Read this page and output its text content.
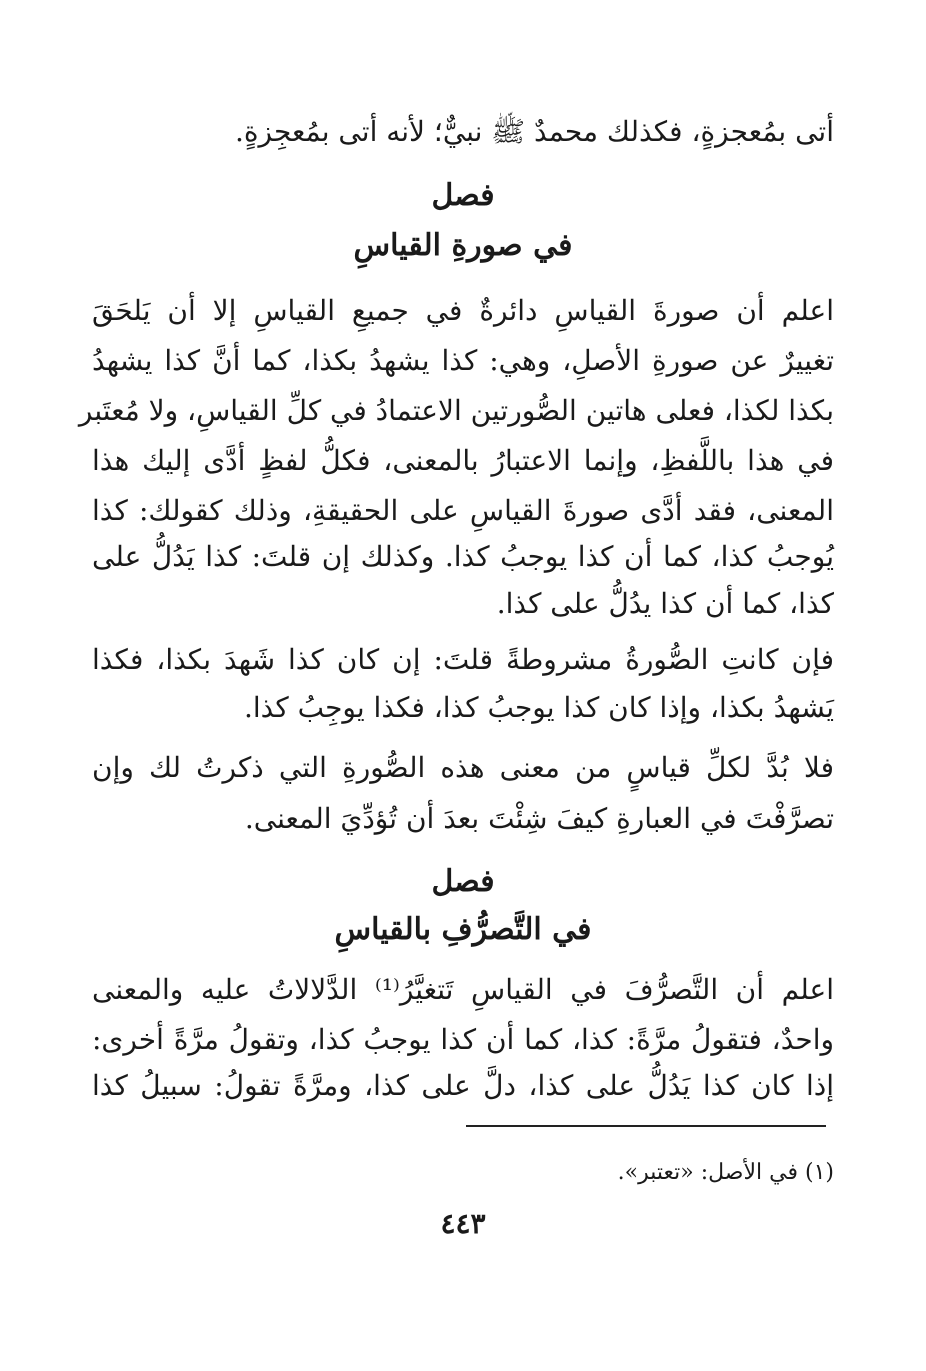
أتى بمُعجزةٍ، فكذلك محمدٌ ﷺ نبيٌّ؛ لأنه أتى بمُعجِزةٍ.
فصل
في صورةِ القياسِ
اعلم أن صورةَ القياسِ دائرةٌ في جميعِ القياسِ إلا أن يَلحَقَ
تغييرٌ عن صورةِ الأصلِ، وهي: كذا يشهدُ بكذا، كما أنَّ كذا يشهدُ
بكذا لكذا، فعلى هاتين الصُّورتين الاعتمادُ في كلِّ القياسِ، ولا مُعتَبر
في هذا باللَّفظِ، وإنما الاعتبارُ بالمعنى، فكلُّ لفظٍ أدَّى إليك هذا
المعنى، فقد أدَّى صورةَ القياسِ على الحقيقةِ، وذلك كقولك: كذا
يُوجبُ كذا، كما أن كذا يوجبُ كذا. وكذلك إن قلتَ: كذا يَدُلُّ على
كذا، كما أن كذا يدُلُّ على كذا.
فإن كانتِ الصُّورةُ مشروطةً قلتَ: إن كان كذا شَهدَ بكذا، فكذا
يَشهدُ بكذا، وإذا كان كذا يوجبُ كذا، فكذا يوجِبُ كذا.
فلا بُدَّ لكلِّ قياسٍ من معنى هذه الصُّورةِ التي ذكرتُ لك وإن
تصرَّفْتَ في العبارةِ كيفَ شِئْتَ بعدَ أن تُؤدِّيَ المعنى.
فصل
في التَّصرُّفِ بالقياسِ
اعلم أن التَّصرُّفَ في القياسِ تَتغيَّرُ⁽¹⁾ الدَّلالاتُ عليه والمعنى
واحدٌ، فتقولُ مرَّةً: كذا، كما أن كذا يوجبُ كذا، وتقولُ مرَّةً أخرى:
إذا كان كذا يَدُلُّ على كذا، دلَّ على كذا، ومرَّةً تقولُ: سبيلُ كذا
(١) في الأصل: «تعتبر».
٤٤٣
